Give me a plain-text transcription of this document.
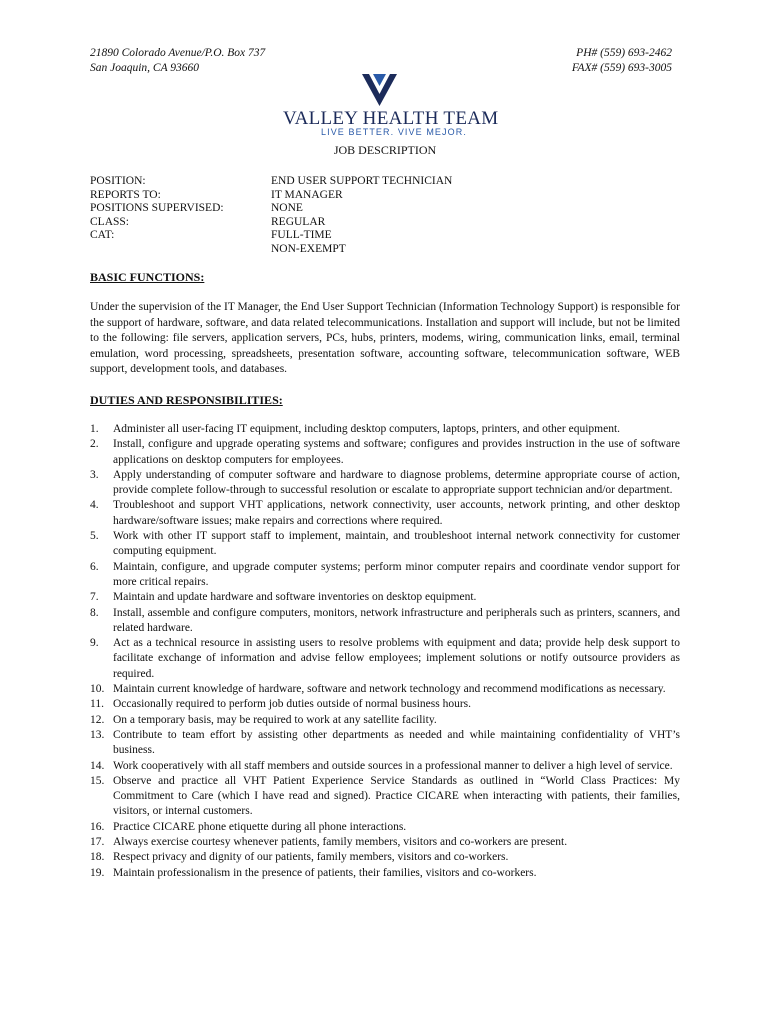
21890 Colorado Avenue/P.O. Box 737
San Joaquin, CA 93660
PH# (559) 693-2462
FAX# (559) 693-3005
VALLEY HEALTH TEAM
LIVE BETTER. VIVE MEJOR.
JOB DESCRIPTION
POSITION:	END USER SUPPORT TECHNICIAN
REPORTS TO:	IT MANAGER
POSITIONS SUPERVISED:	NONE
CLASS:	REGULAR
CAT:	FULL-TIME
NON-EXEMPT
BASIC FUNCTIONS:
Under the supervision of the IT Manager, the End User Support Technician (Information Technology Support) is responsible for the support of hardware, software, and data related telecommunications. Installation and support will include, but not be limited to the following: file servers, application servers, PCs, hubs, printers, modems, wiring, communication links, email, terminal emulation, word processing, spreadsheets, presentation software, accounting software, telecommunication software, WEB support, development tools, and databases.
DUTIES AND RESPONSIBILITIES:
1.	Administer all user-facing IT equipment, including desktop computers, laptops, printers, and other equipment.
2.	Install, configure and upgrade operating systems and software; configures and provides instruction in the use of software applications on desktop computers for employees.
3.	Apply understanding of computer software and hardware to diagnose problems, determine appropriate course of action, provide complete follow-through to successful resolution or escalate to appropriate support technician and/or department.
4.	Troubleshoot and support VHT applications, network connectivity, user accounts, network printing, and other desktop hardware/software issues; make repairs and corrections where required.
5.	Work with other IT support staff to implement, maintain, and troubleshoot internal network connectivity for customer computing equipment.
6.	Maintain, configure, and upgrade computer systems; perform minor computer repairs and coordinate vendor support for more critical repairs.
7.	Maintain and update hardware and software inventories on desktop equipment.
8.	Install, assemble and configure computers, monitors, network infrastructure and peripherals such as printers, scanners, and related hardware.
9.	Act as a technical resource in assisting users to resolve problems with equipment and data; provide help desk support to facilitate exchange of information and advise fellow employees; implement solutions or notify outsource providers as required.
10. Maintain current knowledge of hardware, software and network technology and recommend modifications as necessary.
11. Occasionally required to perform job duties outside of normal business hours.
12. On a temporary basis, may be required to work at any satellite facility.
13. Contribute to team effort by assisting other departments as needed and while maintaining confidentiality of VHT’s business.
14. Work cooperatively with all staff members and outside sources in a professional manner to deliver a high level of service.
15. Observe and practice all VHT Patient Experience Service Standards as outlined in “World Class Practices: My Commitment to Care (which I have read and signed). Practice CICARE when interacting with patients, their families, visitors, or internal customers.
16. Practice CICARE phone etiquette during all phone interactions.
17. Always exercise courtesy whenever patients, family members, visitors and co-workers are present.
18. Respect privacy and dignity of our patients, family members, visitors and co-workers.
19. Maintain professionalism in the presence of patients, their families, visitors and co-workers.
